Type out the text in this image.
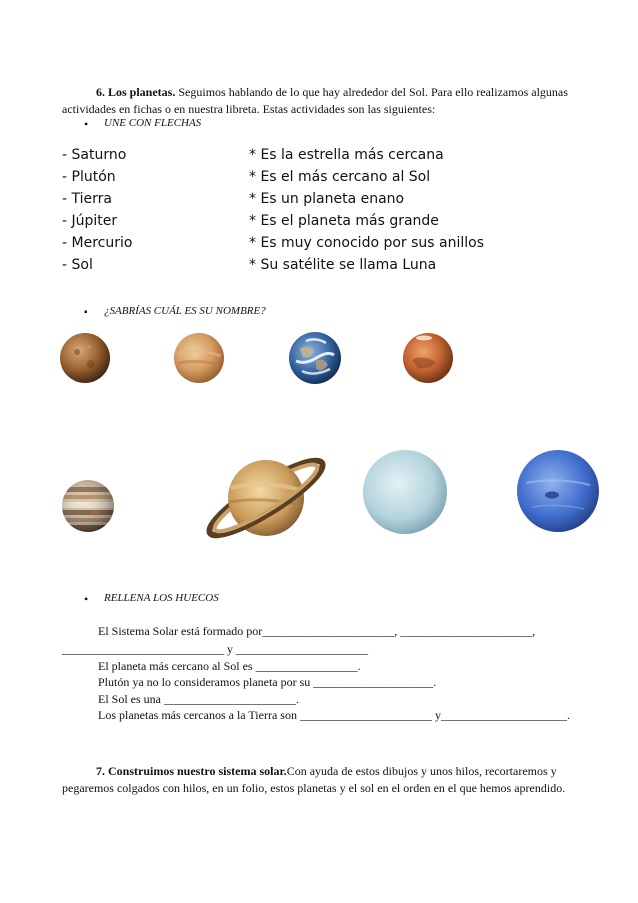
6. Los planetas. Seguimos hablando de lo que hay alrededor del Sol. Para ello realizamos algunas
actividades en fichas o en nuestra libreta. Estas actividades son las siguientes:
• UNE CON FLECHAS
- Saturno
- Plutón
- Tierra
- Júpiter
- Mercurio
- Sol
* Es la estrella más cercana
* Es el más cercano al Sol
* Es un planeta enano
* Es el planeta más grande
* Es muy conocido por sus anillos
* Su satélite se llama Luna
▪ ¿SABRÍAS CUÁL ES SU NOMBRE?
• RELLENA LOS HUECOS
El Sistema Solar está formado por______________________, ______________________,
___________________________ y ______________________
El planeta más cercano al Sol es _________________.
Plutón ya no lo consideramos planeta por su ____________________.
El Sol es una ______________________.
Los planetas más cercanos a la Tierra son ______________________ y_____________________.
7. Construimos nuestro sistema solar.Con ayuda de estos dibujos y unos hilos, recortaremos y
pegaremos colgados con hilos, en un folio, estos planetas y el sol en el orden en el que hemos aprendido.
